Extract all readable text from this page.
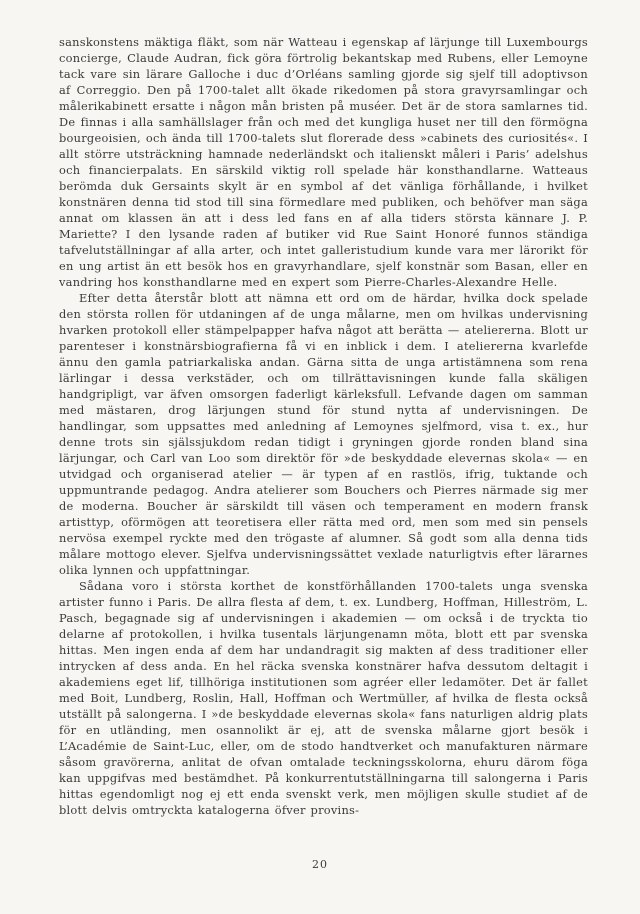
sanskonstens mäktiga fläkt, som när Watteau i egenskap af lärjunge till Luxembourgs concierge, Claude Audran, fick göra förtrolig bekantskap med Rubens, eller Lemoyne tack vare sin lärare Galloche i duc d’Orléans samling gjorde sig sjelf till adoptivson af Correggio. Den på 1700-talet allt ökade rikedomen på stora gravyrsamlingar och målerikabinett ersatte i någon mån bristen på muséer. Det är de stora samlarnes tid. De finnas i alla samhällslager från och med det kungliga huset ner till den förmögna bourgeoisien, och ända till 1700-talets slut florerade dess »cabinets des curiosités«. I allt större utsträckning hamnade nederländskt och italienskt måleri i Paris’ adelshus och financierpalats. En särskild viktig roll spelade här konsthandlarne. Watteaus berömda duk Gersaints skylt är en symbol af det vänliga förhållande, i hvilket konstnären denna tid stod till sina förmedlare med publiken, och behöfver man säga annat om klassen än att i dess led fans en af alla tiders största kännare J. P. Mariette? I den lysande raden af butiker vid Rue Saint Honoré funnos ständiga tafvelutställningar af alla arter, och intet galleristudium kunde vara mer lärorikt för en ung artist än ett besök hos en gravyrhandlare, sjelf konstnär som Basan, eller en vandring hos konsthandlarne med en expert som Pierre-Charles-Alexandre Helle.

Efter detta återstår blott att nämna ett ord om de härdar, hvilka dock spelade den största rollen för utdaningen af de unga målarne, men om hvilkas undervisning hvarken protokoll eller stämpelpapper hafva något att berätta — ateliererna. Blott ur parenteser i konstnärsbiografierna få vi en inblick i dem. I ateliererna kvarlefde ännu den gamla patriarkaliska andan. Gärna sitta de unga artistämnena som rena lärlingar i dessa verkstäder, och om tillrättavisningen kunde falla skäligen handgripligt, var äfven omsorgen faderligt kärleksfull. Lefvande dagen om samman med mästaren, drog lärjungen stund för stund nytta af undervisningen. De handlingar, som uppsattes med anledning af Lemoynes sjelfmord, visa t. ex., hur denne trots sin själssjukdom redan tidigt i gryningen gjorde ronden bland sina lärjungar, och Carl van Loo som direktör för »de beskyddade elevernas skola« — en utvidgad och organiserad atelier — är typen af en rastlös, ifrig, tuktande och uppmuntrande pedagog. Andra atelierer som Bouchers och Pierres närmade sig mer de moderna. Boucher är särskildt till väsen och temperament en modern fransk artisttyp, oförmögen att teoretisera eller rätta med ord, men som med sin pensels nervösa exempel ryckte med den trögaste af alumner. Så godt som alla denna tids målare mottogo elever. Sjelfva undervisningssättet vexlade naturligtvis efter lärarnes olika lynnen och uppfattningar.

Sådana voro i största korthet de konstförhållanden 1700-talets unga svenska artister funno i Paris. De allra flesta af dem, t. ex. Lundberg, Hoffman, Hilleström, L. Pasch, begagnade sig af undervisningen i akademien — om också i de tryckta tio delarne af protokollen, i hvilka tusentals lärjungenamn möta, blott ett par svenska hittas. Men ingen enda af dem har undandragit sig makten af dess traditioner eller intrycken af dess anda. En hel räcka svenska konstnärer hafva dessutom deltagit i akademiens eget lif, tillhörigа institutionen som agréer eller ledamöter. Det är fallet med Boit, Lundberg, Roslin, Hall, Hoffman och Wertmüller, af hvilka de flesta också utställt på salongerna. I »de beskyddade elevernas skola« fans naturligen aldrig plats för en utländing, men osannolikt är ej, att de svenska målarne gjort besök i L’Académie de Saint-Luc, eller, om de stodo handtverket och manufakturen närmare såsom gravörerna, anlitat de ofvan omtalade teckningsskolorna, ehuru därom föga kan uppgifvas med bestämdhet. På konkurrentutställningarna till salongerna i Paris hittas egendomligt nog ej ett enda svenskt verk, men möjligen skulle studiet af de blott delvis omtryckta katalogerna öfver provins-

20
